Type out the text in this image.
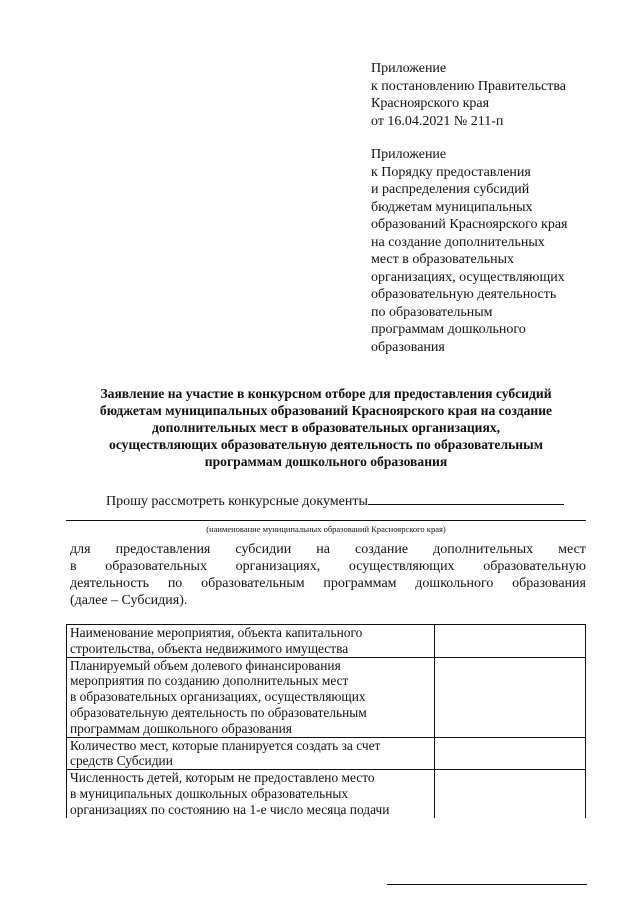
Приложение
к постановлению Правительства
Красноярского края
от 16.04.2021 № 211-п
Приложение
к Порядку предоставления
и распределения субсидий
бюджетам муниципальных
образований Красноярского края
на создание дополнительных
мест в образовательных
организациях, осуществляющих
образовательную деятельность
по образовательным
программам дошкольного
образования
Заявление на участие в конкурсном отборе для предоставления субсидий
бюджетам муниципальных образований Красноярского края на создание
дополнительных мест в образовательных организациях,
осуществляющих образовательную деятельность по образовательным
программам дошкольного образования
Прошу рассмотреть конкурсные документы
(наименование муниципальных образований Красноярского края)
для предоставления субсидии на создание дополнительных мест
в образовательных организациях, осуществляющих образовательную
деятельность по образовательным программам дошкольного образования
(далее – Субсидия).
Наименование мероприятия, объекта капитального
строительства, объекта недвижимого имущества	

Планируемый объем долевого финансирования
мероприятия по созданию дополнительных мест
в образовательных организациях, осуществляющих
образовательную деятельность по образовательным
программам дошкольного образования	

Количество мест, которые планируется создать за счет
средств Субсидии	

Численность детей, которым не предоставлено место
в муниципальных дошкольных образовательных
организациях по состоянию на 1-е число месяца подачи	
